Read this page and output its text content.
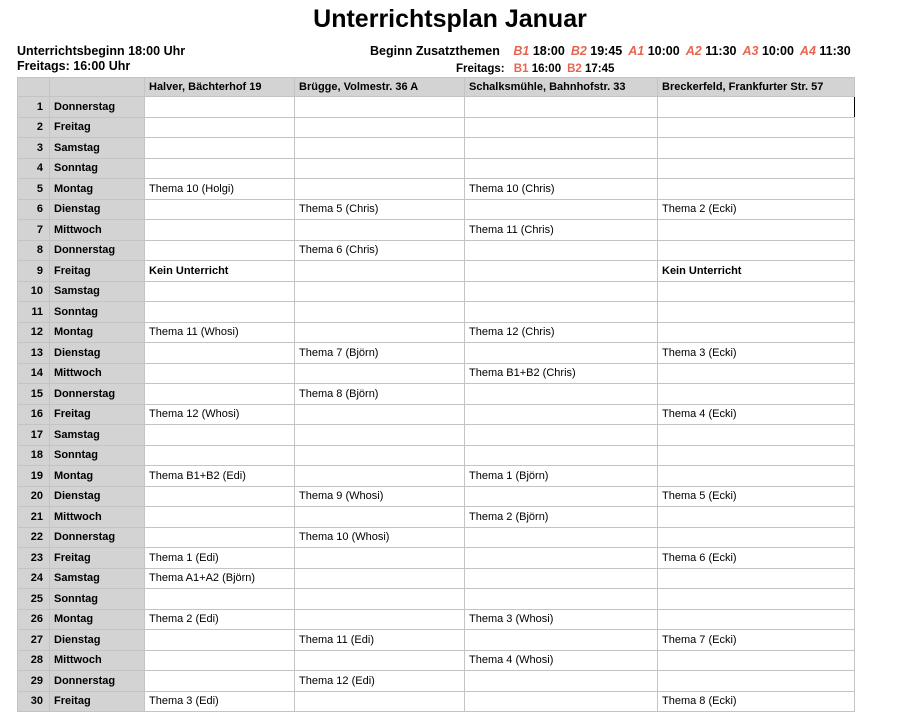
Unterrichtsplan Januar
Unterrichtsbeginn 18:00 Uhr
Freitags: 16:00 Uhr
Beginn Zusatzthemen B1 18:00 B2 19:45 A1 10:00 A2 11:30 A3 10:00 A4 11:30
Freitags: B1 16:00 B2 17:45
		Halver, Bächterhof 19	Brügge, Volmestr. 36 A	Schalksmühle, Bahnhofstr. 33	Breckerfeld, Frankfurter Str. 57
1	Donnerstag				
2	Freitag				
3	Samstag				
4	Sonntag				
5	Montag	Thema 10 (Holgi)		Thema 10 (Chris)	
6	Dienstag		Thema 5 (Chris)		Thema 2 (Ecki)
7	Mittwoch			Thema 11 (Chris)	
8	Donnerstag		Thema 6 (Chris)		
9	Freitag	Kein Unterricht			Kein Unterricht
10	Samstag				
11	Sonntag				
12	Montag	Thema 11 (Whosi)		Thema 12 (Chris)	
13	Dienstag		Thema 7 (Björn)		Thema 3 (Ecki)
14	Mittwoch			Thema B1+B2 (Chris)	
15	Donnerstag		Thema 8 (Björn)		
16	Freitag	Thema 12 (Whosi)			Thema 4 (Ecki)
17	Samstag				
18	Sonntag				
19	Montag	Thema B1+B2 (Edi)		Thema 1 (Björn)	
20	Dienstag		Thema 9 (Whosi)		Thema 5 (Ecki)
21	Mittwoch			Thema 2 (Björn)	
22	Donnerstag		Thema 10 (Whosi)		
23	Freitag	Thema 1 (Edi)			Thema 6 (Ecki)
24	Samstag	Thema A1+A2 (Björn)			
25	Sonntag				
26	Montag	Thema 2 (Edi)		Thema 3 (Whosi)	
27	Dienstag		Thema 11 (Edi)		Thema 7 (Ecki)
28	Mittwoch			Thema 4 (Whosi)	
29	Donnerstag		Thema 12 (Edi)		
30	Freitag	Thema 3 (Edi)			Thema 8 (Ecki)
